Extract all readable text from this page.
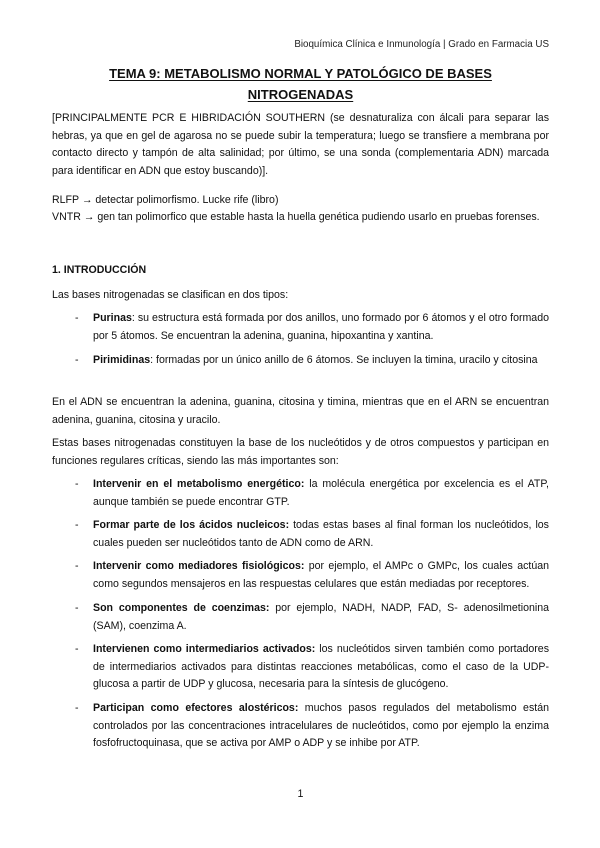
Bioquímica Clínica e Inmunología | Grado en Farmacia US
TEMA 9: METABOLISMO NORMAL Y PATOLÓGICO DE BASES
NITROGENADAS

[PRINCIPALMENTE PCR E HIBRIDACIÓN SOUTHERN (se desnaturaliza con álcali para separar las hebras, ya que en gel de agarosa no se puede subir la temperatura; luego se transfiere a membrana por contacto directo y tampón de alta salinidad; por último, se una sonda (complementaria ADN) marcada para identificar en ADN que estoy buscando)].

RLFP → detectar polimorfismo. Lucke rife (libro)

VNTR → gen tan polimorfico que estable hasta la huella genética pudiendo usarlo en pruebas forenses.

1. INTRODUCCIÓN

Las bases nitrogenadas se clasifican en dos tipos:

- Purinas: su estructura está formada por dos anillos, uno formado por 6 átomos y el otro formado por 5 átomos. Se encuentran la adenina, guanina, hipoxantina y xantina.

- Pirimidinas: formadas por un único anillo de 6 átomos. Se incluyen la timina, uracilo y citosina

En el ADN se encuentran la adenina, guanina, citosina y timina, mientras que en el ARN se encuentran adenina, guanina, citosina y uracilo.

Estas bases nitrogenadas constituyen la base de los nucleótidos y de otros compuestos y participan en funciones regulares críticas, siendo las más importantes son:

- Intervenir en el metabolismo energético: la molécula energética por excelencia es el ATP, aunque también se puede encontrar GTP.

- Formar parte de los ácidos nucleicos: todas estas bases al final forman los nucleótidos, los cuales pueden ser nucleótidos tanto de ADN como de ARN.

- Intervenir como mediadores fisiológicos: por ejemplo, el AMPc o GMPc, los cuales actúan como segundos mensajeros en las respuestas celulares que están mediadas por receptores.

- Son componentes de coenzimas: por ejemplo, NADH, NADP, FAD, S- adenosilmetionina (SAM), coenzima A.

- Intervienen como intermediarios activados: los nucleótidos sirven también como portadores de intermediarios activados para distintas reacciones metabólicas, como el caso de la UDP-glucosa a partir de UDP y glucosa, necesaria para la síntesis de glucógeno.

- Participan como efectores alostéricos: muchos pasos regulados del metabolismo están controlados por las concentraciones intracelulares de nucleótidos, como por ejemplo la enzima fosfofructoquinasa, que se activa por AMP o ADP y se inhibe por ATP.

1
